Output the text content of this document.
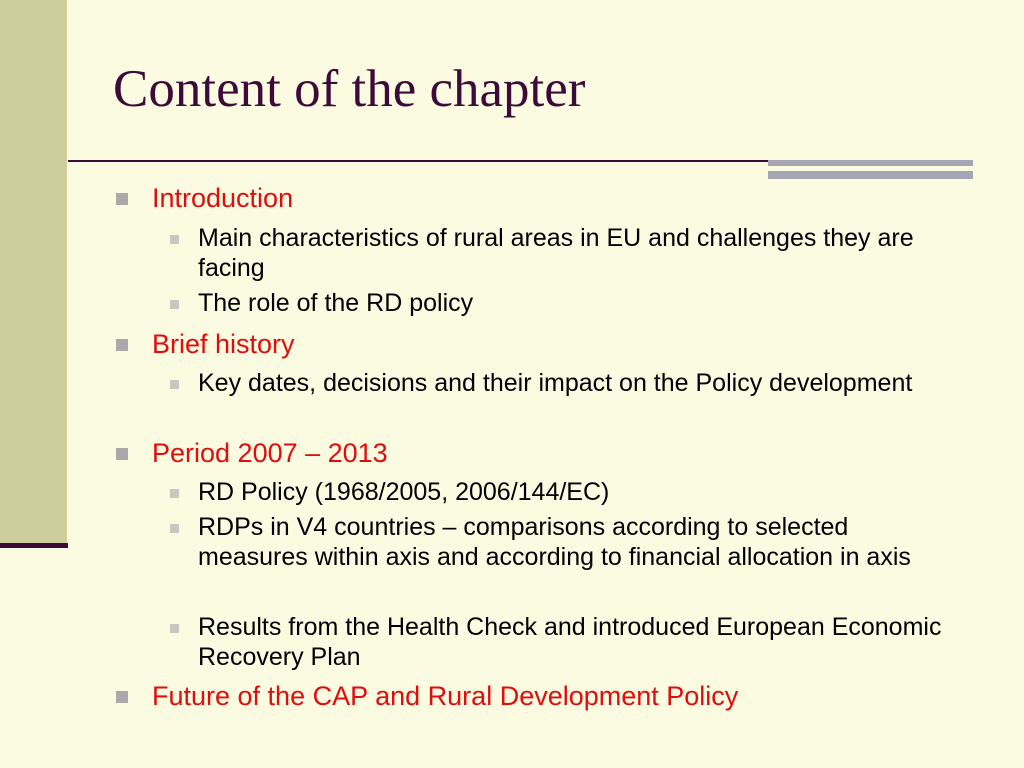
Content of the chapter
Introduction
Main characteristics of rural areas in EU and challenges they are facing
The role of the RD policy
Brief history
Key dates, decisions and their impact on the Policy development
Period 2007 – 2013
RD Policy (1968/2005, 2006/144/EC)
RDPs in V4 countries – comparisons according to selected measures within axis and according to financial allocation in axis
Results from the Health Check and introduced European Economic Recovery Plan
Future of the CAP and Rural Development Policy
